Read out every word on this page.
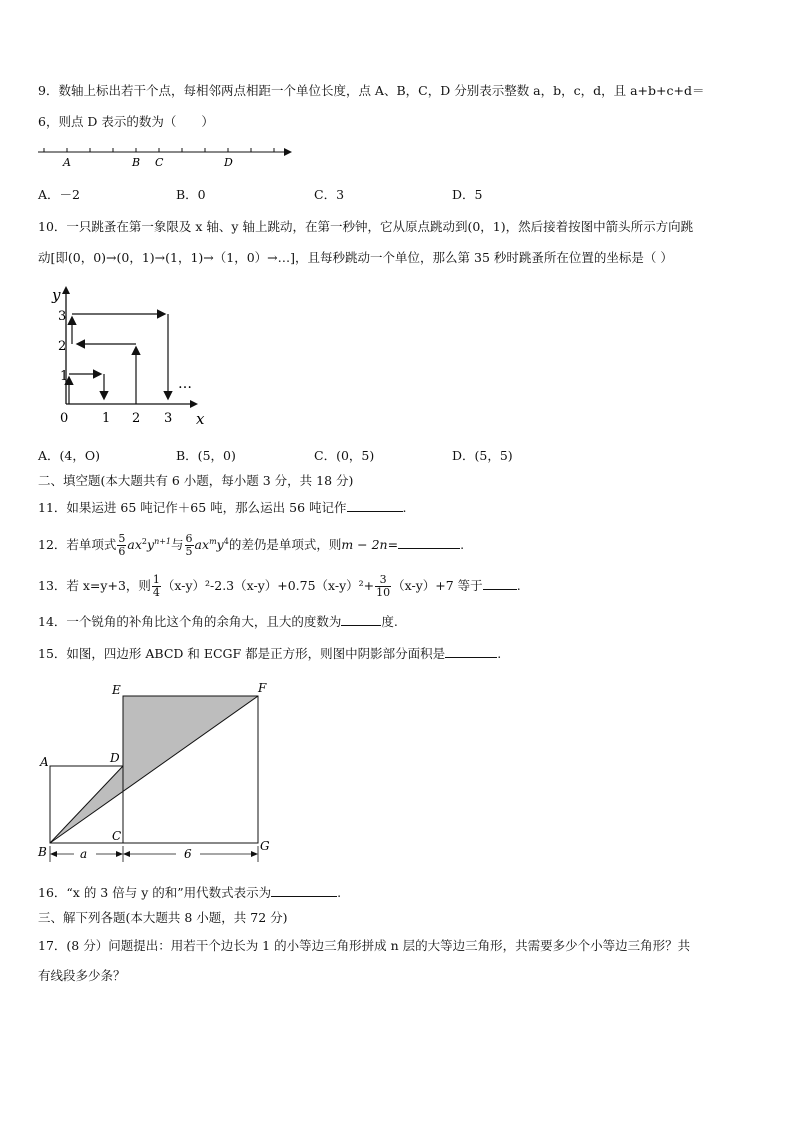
9．数轴上标出若干个点，每相邻两点相距一个单位长度，点 A、B，C，D 分别表示整数 a，b，c，d，且 a+b+c+d＝
6，则点 D 表示的数为（　　）
A	B C	D
A．－2	B．0	C．3	D．5
10．一只跳蚤在第一象限及 x 轴、y 轴上跳动，在第一秒钟，它从原点跳动到(0，1)，然后接着按图中箭头所示方向跳
动[即(0，0)→(0，1)→(1，1)→（1，0）→…]，且每秒跳动一个单位，那么第 35 秒时跳蚤所在位置的坐标是（ ）
y
x
1
2
3
0	1 2 3
…
A．(4，O)	B．(5，0)	C．(0，5)	D．(5，5)
二、填空题(本大题共有 6 小题，每小题 3 分，共 18 分)
11．如果运进 65 吨记作＋65 吨，那么运出 56 吨记作	.
12．若单项式 $\frac{5}{6} ax^2y^{n+1}$与 $\frac{6}{5} ax^my^4$的差仍是单项式，则m − 2n=	.
13．若 x=y+3，则 $\frac{1}{4} (x-y)^2-2.3(x-y)+0.75(x-y)^2+ \frac{3}{10} (x-y)+7$ 等于	.
14．一个锐角的补角比这个角的余角大，且大的度数为	度.
15．如图，四边形 ABCD 和 ECGF 都是正方形，则图中阴影部分面积是	.
E	F
A	D
C
B	G
a	6
16．“x 的 3 倍与 y 的和”用代数式表示为	.
三、解下列各题(本大题共 8 小题，共 72 分)
17．(8 分）问题提出：用若干个边长为 1 的小等边三角形拼成 n 层的大等边三角形，共需要多少个小等边三角形？共
有线段多少条？
